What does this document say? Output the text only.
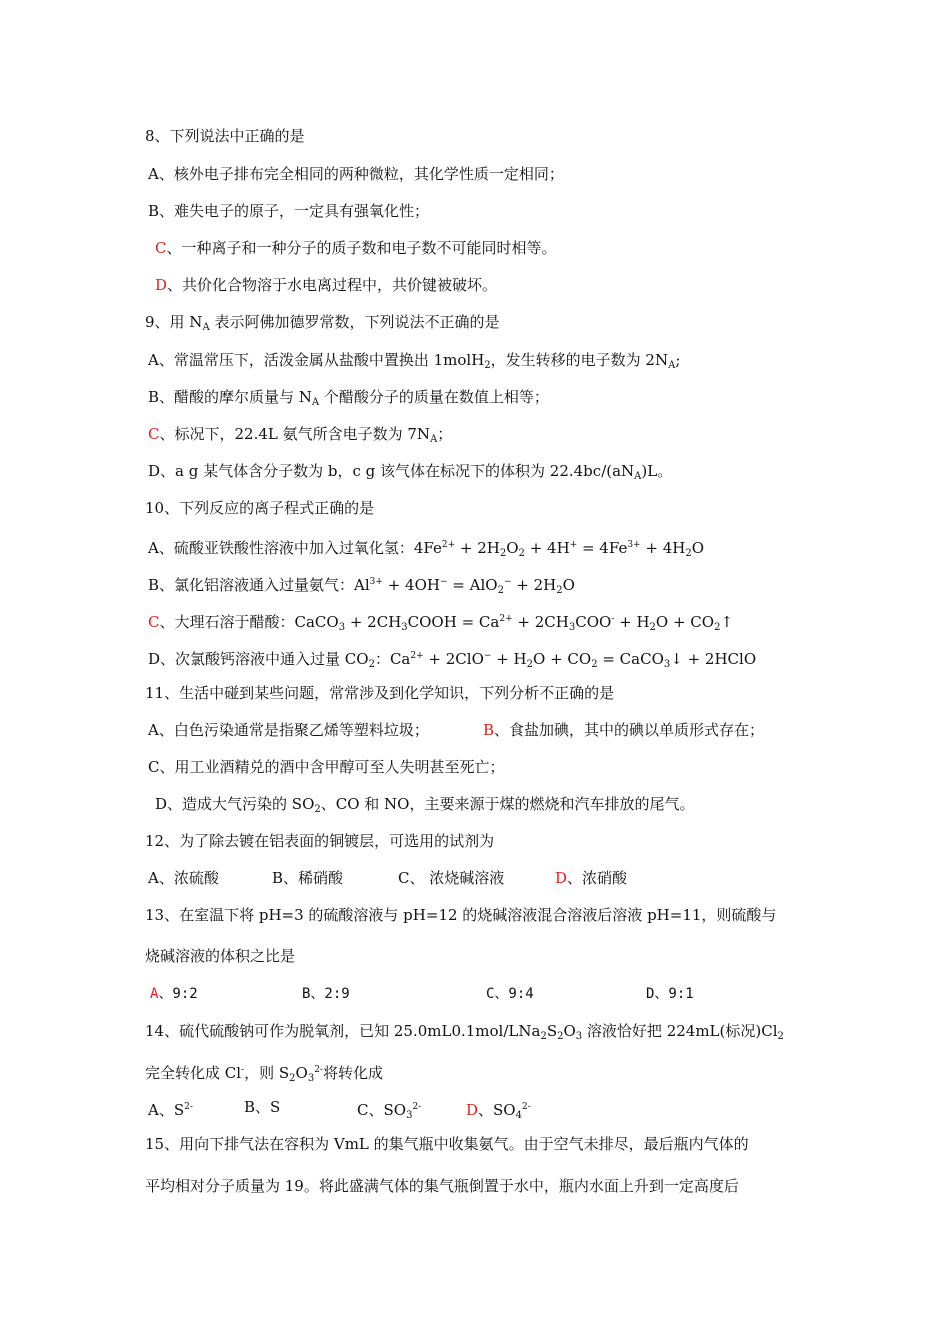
8、下列说法中正确的是
A、核外电子排布完全相同的两种微粒，其化学性质一定相同；
B、难失电子的原子，一定具有强氧化性；
C、一种离子和一种分子的质子数和电子数不可能同时相等。
D、共价化合物溶于水电离过程中，共价键被破坏。
9、用 $N_A$ 表示阿佛加德罗常数，下列说法不正确的是
A、常温常压下，活泼金属从盐酸中置换出 1molH$_2$，发生转移的电子数为 $2N_A$;
B、醋酸的摩尔质量与 $N_A$ 个醋酸分子的质量在数值上相等；
C、标况下，22.4L 氨气所含电子数为 $7N_A$；
D、a g 某气体含分子数为 b，c g 该气体在标况下的体积为 $22.4bc/(aN_A)L$。
10、下列反应的离子程式正确的是
A、硫酸亚铁酸性溶液中加入过氧化氢：$4Fe^{2+} + 2H_2O_2 + 4H^+ = 4Fe^{3+} + 4H_2O$
B、氯化铝溶液通入过量氨气：$Al^{3+} + 4OH^- = AlO_2^- + 2H_2O$
C、大理石溶于醋酸：CaCO$_3$ + $2CH_3COOH = Ca^{2+} + 2CH_3COO^- + H_2O$ + $CO_2↑$
D、次氯酸钙溶液中通入过量 $CO_2$：$Ca^{2+} + 2ClO^- + H_2O + CO_2$ = CaCO$_3$↓ + 2HClO
11、生活中碰到某些问题，常常涉及到化学知识，下列分析不正确的是
A、白色污染通常是指聚乙烯等塑料垃圾；	B、食盐加碘，其中的碘以单质形式存在；
C、用工业酒精兑的酒中含甲醇可至人失明甚至死亡；
D、造成大气污染的 $SO_2$、CO 和 NO，主要来源于煤的燃烧和汽车排放的尾气。
12、为了除去镀在铝表面的铜镀层，可选用的试剂为
A、浓硫酸	B、稀硝酸	C、 浓烧碱溶液	D、浓硝酸
13、在室温下将 pH=3 的硫酸溶液与 pH=12 的烧碱溶液混合溶液后溶液 pH=11，则硫酸与
烧碱溶液的体积之比是
A、9:2	B、2:9	C、9:4	D、9:1
14、硫代硫酸钠可作为脱氧剂，已知 $25.0mL0.1mol/LNa_2S_2O_3$ 溶液恰好把 224mL(标况)$Cl_2$
完全转化成 Cl-，则 $S_2O_3^{2-}$将转化成
A、$S^{2-}$	B、S	C、$SO_3^{2-}$	D、$SO_4^{2-}$
15、用向下排气法在容积为 VmL 的集气瓶中收集氨气。由于空气未排尽，最后瓶内气体的
平均相对分子质量为 19。将此盛满气体的集气瓶倒置于水中，瓶内水面上升到一定高度后
